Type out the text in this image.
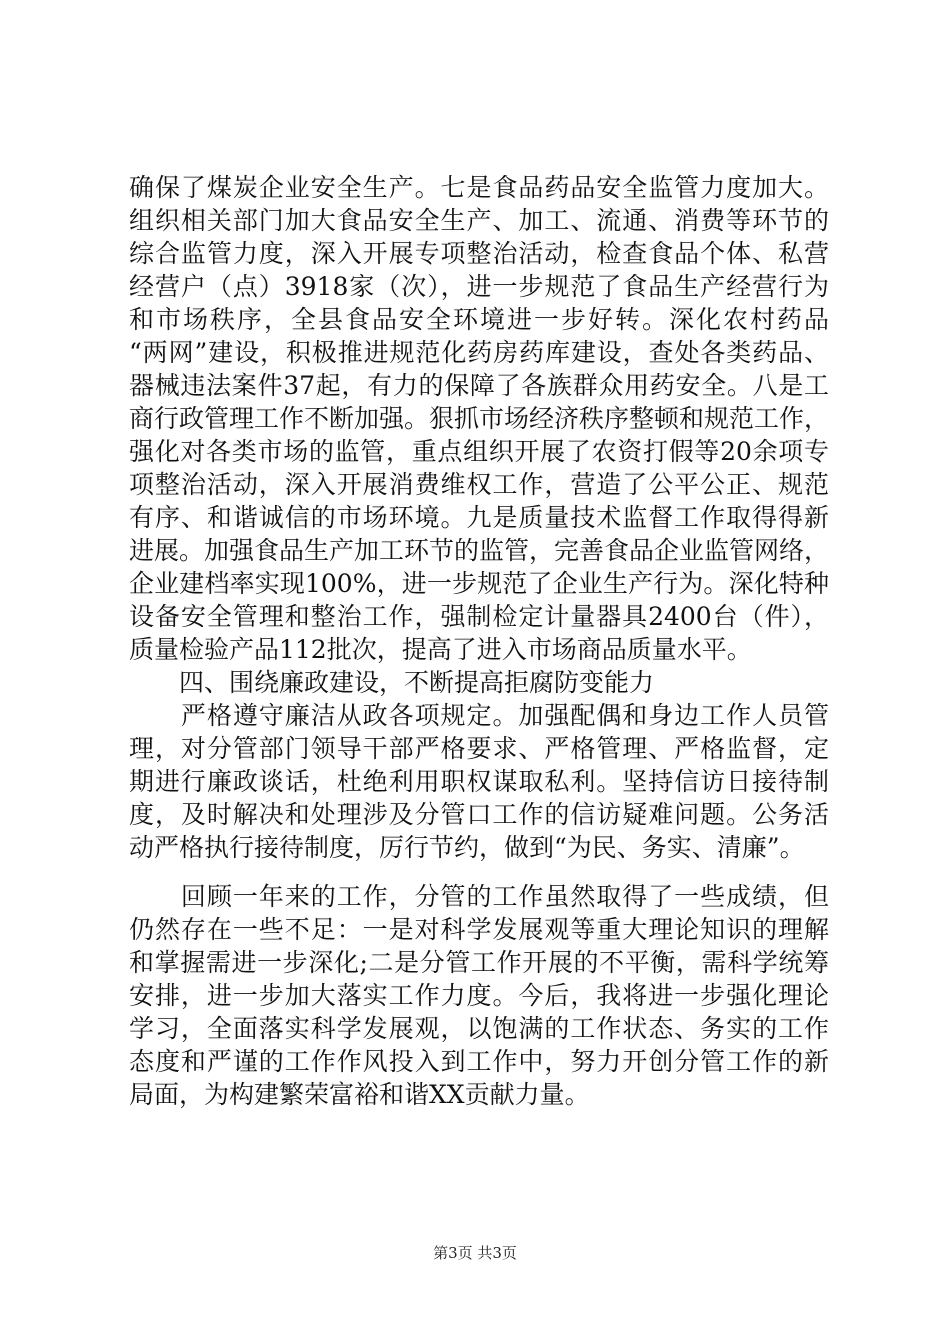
确保了煤炭企业安全生产。七是食品药品安全监管力度加大。
组织相关部门加大食品安全生产、加工、流通、消费等环节的
综合监管力度，深入开展专项整治活动，检查食品个体、私营
经营户（点）3918家（次），进一步规范了食品生产经营行为
和市场秩序，全县食品安全环境进一步好转。深化农村药品
“两网”建设，积极推进规范化药房药库建设，查处各类药品、
器械违法案件37起，有力的保障了各族群众用药安全。八是工
商行政管理工作不断加强。狠抓市场经济秩序整顿和规范工作，
强化对各类市场的监管，重点组织开展了农资打假等20余项专
项整治活动，深入开展消费维权工作，营造了公平公正、规范
有序、和谐诚信的市场环境。九是质量技术监督工作取得得新
进展。加强食品生产加工环节的监管，完善食品企业监管网络，
企业建档率实现100%，进一步规范了企业生产行为。深化特种
设备安全管理和整治工作，强制检定计量器具2400台（件），
质量检验产品112批次，提高了进入市场商品质量水平。
　　四、围绕廉政建设，不断提高拒腐防变能力
　　严格遵守廉洁从政各项规定。加强配偶和身边工作人员管
理，对分管部门领导干部严格要求、严格管理、严格监督，定
期进行廉政谈话，杜绝利用职权谋取私利。坚持信访日接待制
度，及时解决和处理涉及分管口工作的信访疑难问题。公务活
动严格执行接待制度，厉行节约，做到“为民、务实、清廉”。
　　回顾一年来的工作，分管的工作虽然取得了一些成绩，但
仍然存在一些不足：一是对科学发展观等重大理论知识的理解
和掌握需进一步深化;二是分管工作开展的不平衡，需科学统筹
安排，进一步加大落实工作力度。今后，我将进一步强化理论
学习，全面落实科学发展观，以饱满的工作状态、务实的工作
态度和严谨的工作作风投入到工作中，努力开创分管工作的新
局面，为构建繁荣富裕和谐XX贡献力量。
第3页 共3页
